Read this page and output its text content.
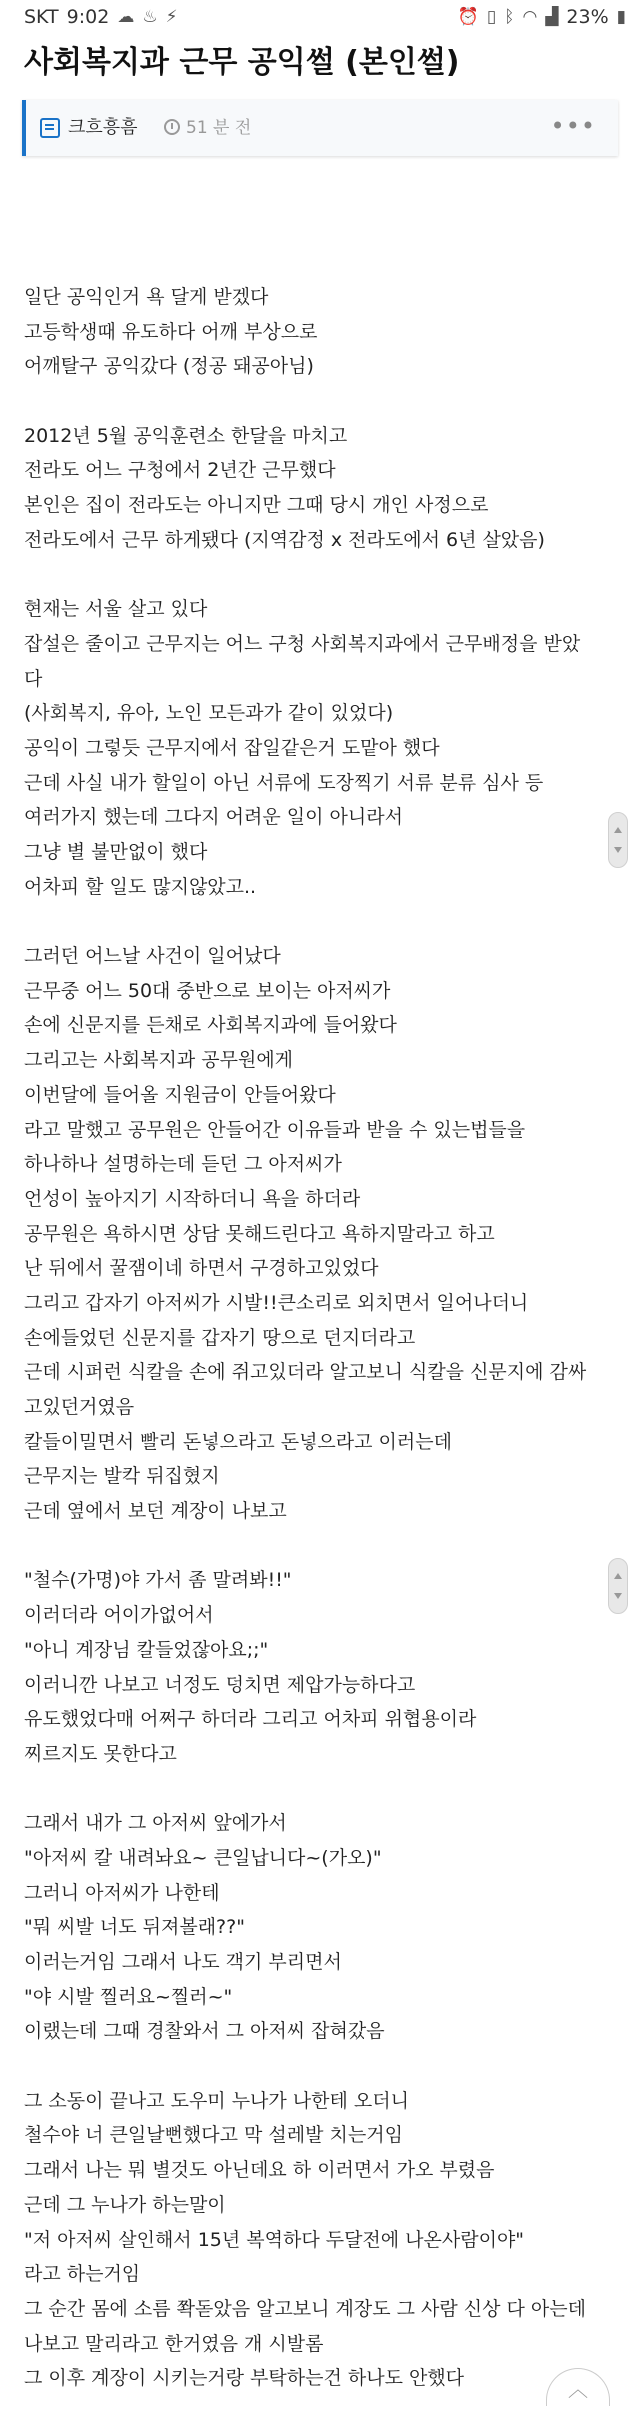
SKT 9:02 ☁ ♨ ⚡	⏰ ▯ ᛒ ◠ ▟ 23% ▮
사회복지과 근무 공익썰 (본인썰)
크흐흥흠	51 분 전	•••
일단 공익인거 욕 달게 받겠다
고등학생때 유도하다 어깨 부상으로
어깨탈구 공익갔다 (정공 돼공아님)
2012년 5월 공익훈련소 한달을 마치고
전라도 어느 구청에서 2년간 근무했다
본인은 집이 전라도는 아니지만 그때 당시 개인 사정으로
전라도에서 근무 하게됐다 (지역감정 x 전라도에서 6년 살았음)
현재는 서울 살고 있다
잡설은 줄이고 근무지는 어느 구청 사회복지과에서 근무배정을 받았
다
(사회복지, 유아, 노인 모든과가 같이 있었다)
공익이 그렇듯 근무지에서 잡일같은거 도맡아 했다
근데 사실 내가 할일이 아닌 서류에 도장찍기 서류 분류 심사 등
여러가지 했는데 그다지 어려운 일이 아니라서
그냥 별 불만없이 했다
어차피 할 일도 많지않았고..
그러던 어느날 사건이 일어났다
근무중 어느 50대 중반으로 보이는 아저씨가
손에 신문지를 든채로 사회복지과에 들어왔다
그리고는 사회복지과 공무원에게
이번달에 들어올 지원금이 안들어왔다
라고 말했고 공무원은 안들어간 이유들과 받을 수 있는법들을
하나하나 설명하는데 듣던 그 아저씨가
언성이 높아지기 시작하더니 욕을 하더라
공무원은 욕하시면 상담 못해드린다고 욕하지말라고 하고
난 뒤에서 꿀잼이네 하면서 구경하고있었다
그리고 갑자기 아저씨가 시발!!큰소리로 외치면서 일어나더니
손에들었던 신문지를 갑자기 땅으로 던지더라고
근데 시퍼런 식칼을 손에 쥐고있더라 알고보니 식칼을 신문지에 감싸
고있던거였음
칼들이밀면서 빨리 돈넣으라고 돈넣으라고 이러는데
근무지는 발칵 뒤집혔지
근데 옆에서 보던 계장이 나보고
"철수(가명)야 가서 좀 말려봐!!"
이러더라 어이가없어서
"아니 계장님 칼들었잖아요;;"
이러니깐 나보고 너정도 덩치면 제압가능하다고
유도했었다매 어쩌구 하더라 그리고 어차피 위협용이라
찌르지도 못한다고
그래서 내가 그 아저씨 앞에가서
"아저씨 칼 내려놔요~ 큰일납니다~(가오)"
그러니 아저씨가 나한테
"뭐 씨발 너도 뒤져볼래??"
이러는거임 그래서 나도 객기 부리면서
"야 시발 찔러요~찔러~"
이랬는데 그때 경찰와서 그 아저씨 잡혀갔음
그 소동이 끝나고 도우미 누나가 나한테 오더니
철수야 너 큰일날뻔했다고 막 설레발 치는거임
그래서 나는 뭐 별것도 아닌데요 하 이러면서 가오 부렸음
근데 그 누나가 하는말이
"저 아저씨 살인해서 15년 복역하다 두달전에 나온사람이야"
라고 하는거임
그 순간 몸에 소름 쫙돋았음 알고보니 계장도 그 사람 신상 다 아는데
나보고 말리라고 한거였음 개 시발롬
그 이후 계장이 시키는거랑 부탁하는건 하나도 안했다	︿
